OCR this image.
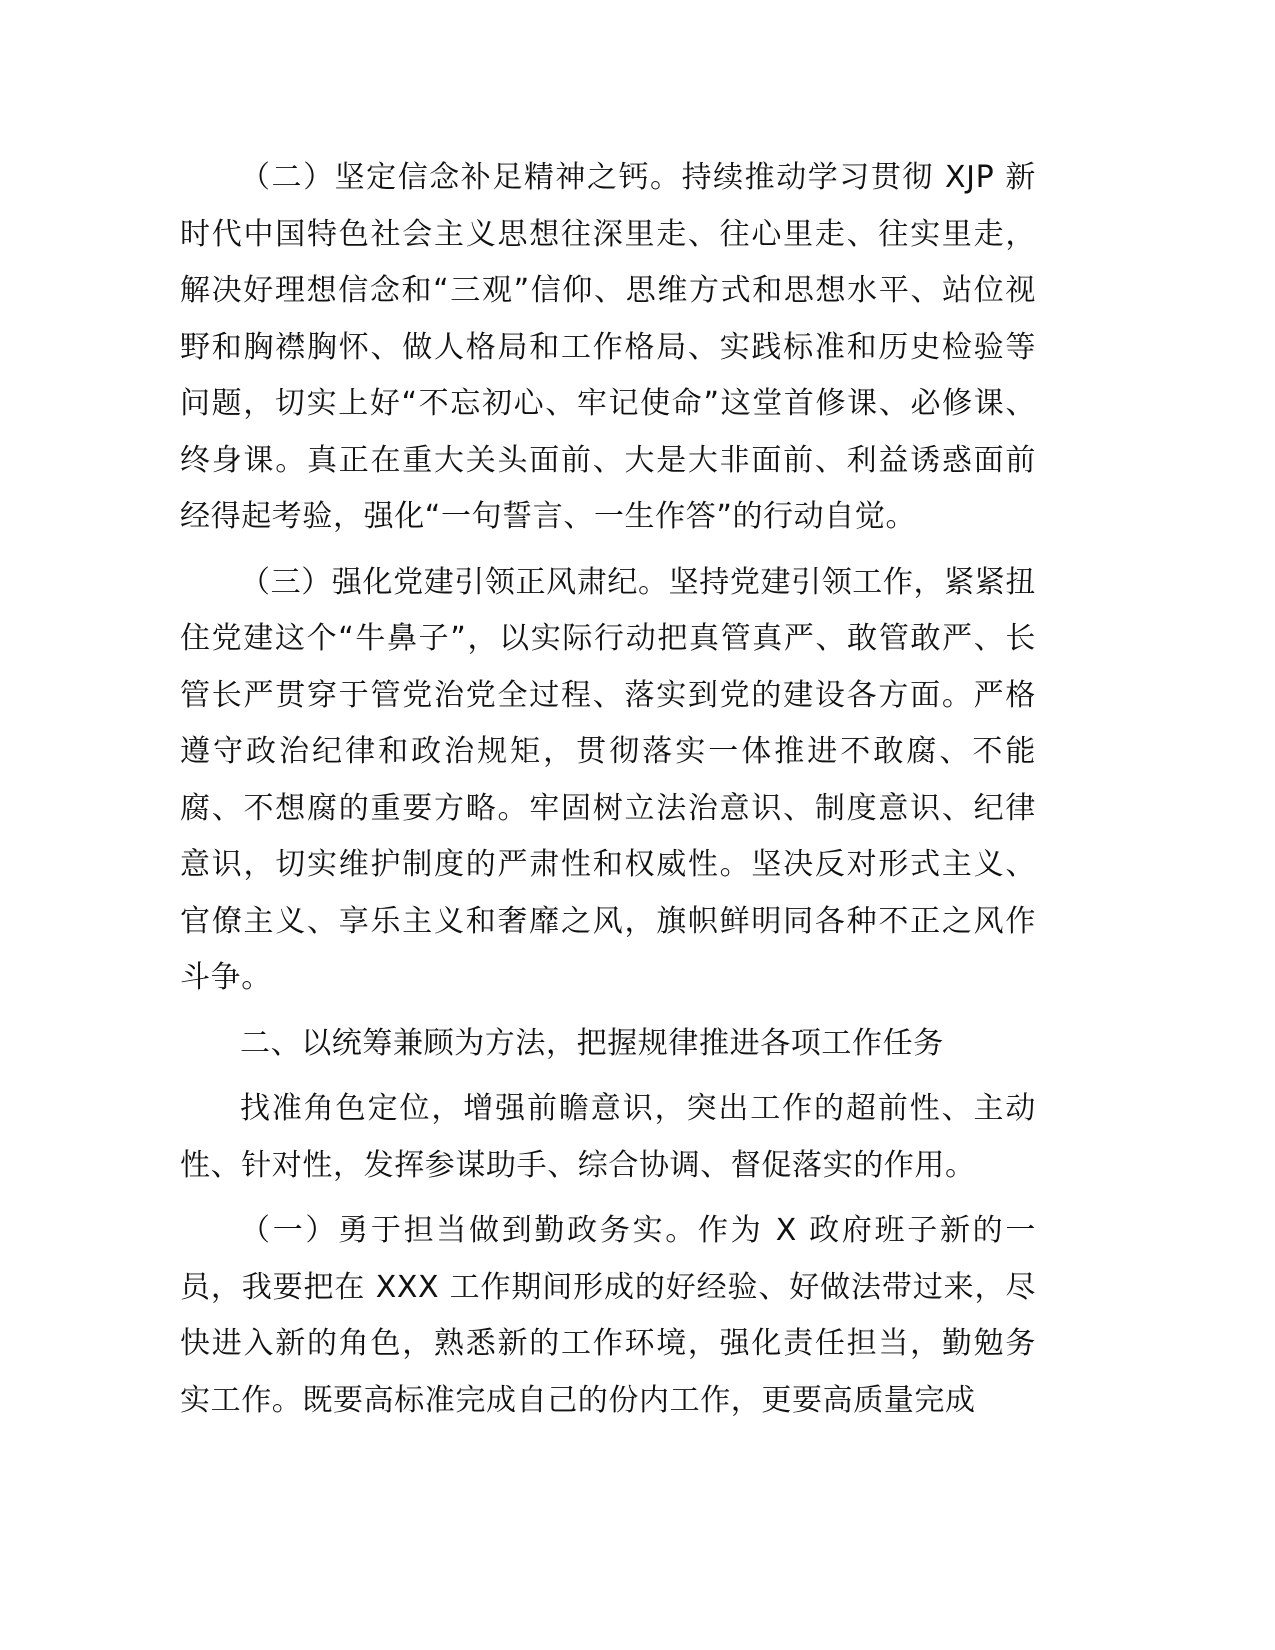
（二）坚定信念补足精神之钙。持续推动学习贯彻 XJP 新时代中国特色社会主义思想往深里走、往心里走、往实里走，解决好理想信念和“三观”信仰、思维方式和思想水平、站位视野和胸襟胸怀、做人格局和工作格局、实践标准和历史检验等问题，切实上好“不忘初心、牢记使命”这堂首修课、必修课、终身课。真正在重大关头面前、大是大非面前、利益诱惑面前经得起考验，强化“一句誓言、一生作答”的行动自觉。

（三）强化党建引领正风肃纪。坚持党建引领工作，紧紧扭住党建这个“牛鼻子”，以实际行动把真管真严、敢管敢严、长管长严贯穿于管党治党全过程、落实到党的建设各方面。严格遵守政治纪律和政治规矩，贯彻落实一体推进不敢腐、不能腐、不想腐的重要方略。牢固树立法治意识、制度意识、纪律意识，切实维护制度的严肃性和权威性。坚决反对形式主义、官僚主义、享乐主义和奢靡之风，旗帜鲜明同各种不正之风作斗争。

二、以统筹兼顾为方法，把握规律推进各项工作任务

找准角色定位，增强前瞻意识，突出工作的超前性、主动性、针对性，发挥参谋助手、综合协调、督促落实的作用。

（一）勇于担当做到勤政务实。作为 X 政府班子新的一员，我要把在 XXX 工作期间形成的好经验、好做法带过来，尽快进入新的角色，熟悉新的工作环境，强化责任担当，勤勉务实工作。既要高标准完成自己的份内工作，更要高质量完成
